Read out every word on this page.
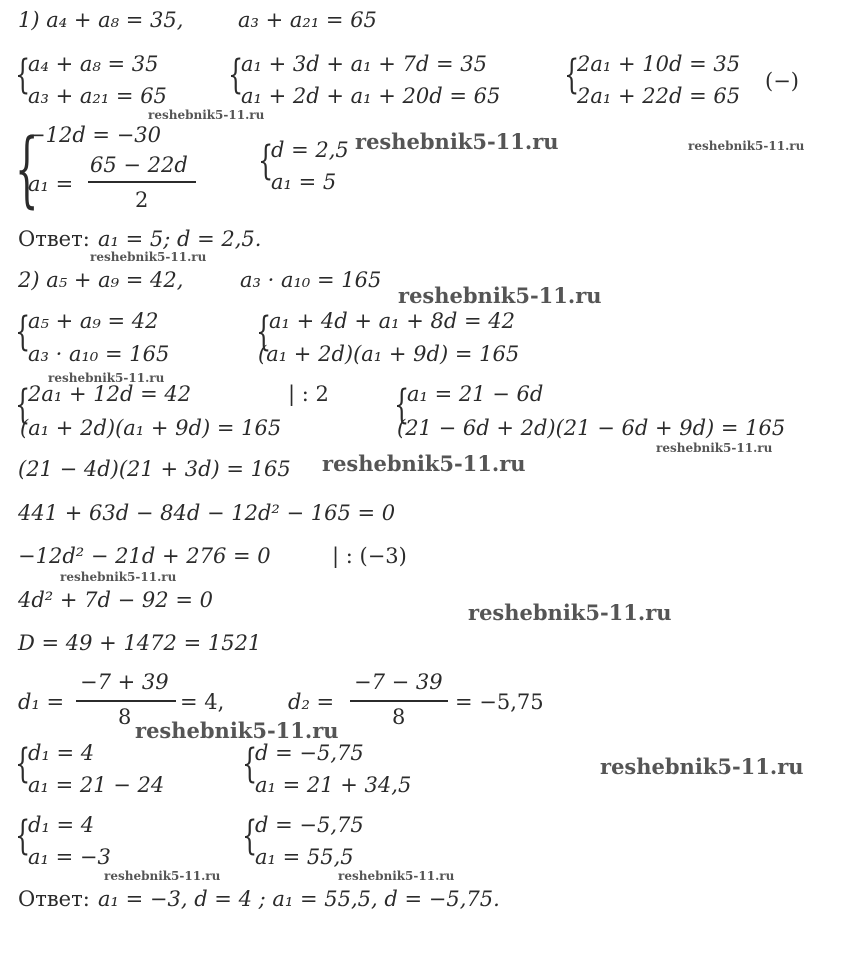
1) a₄ + a₈ = 35,	a₃ + a₂₁ = 65
{
a₄ + a₈ = 35
a₃ + a₂₁ = 65 {
a₁ + 3d + a₁ + 7d = 35
a₁ + 2d + a₁ + 20d = 65 {
2a₁ + 10d = 35
2a₁ + 22d = 65
(−)
{
−12d = −30
a₁ =
65 − 22d
2
{
d = 2,5
a₁ = 5
Ответ: a₁ = 5; d = 2,5.
2) a₅ + a₉ = 42,	a₃ · a₁₀ = 165
{
a₅ + a₉ = 42
a₃ · a₁₀ = 165 {
a₁ + 4d + a₁ + 8d = 42
(a₁ + 2d)(a₁ + 9d) = 165
{
2a₁ + 12d = 42	| : 2
(a₁ + 2d)(a₁ + 9d) = 165	{
a₁ = 21 − 6d
(21 − 6d + 2d)(21 − 6d + 9d) = 165
(21 − 4d)(21 + 3d) = 165
441 + 63d − 84d − 12d² − 165 = 0
−12d² − 21d + 276 = 0	| : (−3)
4d² + 7d − 92 = 0
D = 49 + 1472 = 1521
d₁ =
−7 + 39
8
= 4,	d₂ =
−7 − 39
8
= −5,75
{
d₁ = 4
a₁ = 21 − 24 {
d = −5,75
a₁ = 21 + 34,5
{
d₁ = 4
a₁ = −3	{
d = −5,75
a₁ = 55,5
Ответ: a₁ = −3, d = 4 ; a₁ = 55,5, d = −5,75.
reshebnik5-11.ru
reshebnik5-11.ru	reshebnik5-11.ru
reshebnik5-11.ru
reshebnik5-11.ru
reshebnik5-11.ru
reshebnik5-11.ru
reshebnik5-11.ru
reshebnik5-11.ru
reshebnik5-11.ru
reshebnik5-11.ru
reshebnik5-11.ru
reshebnik5-11.ru	reshebnik5-11.ru
